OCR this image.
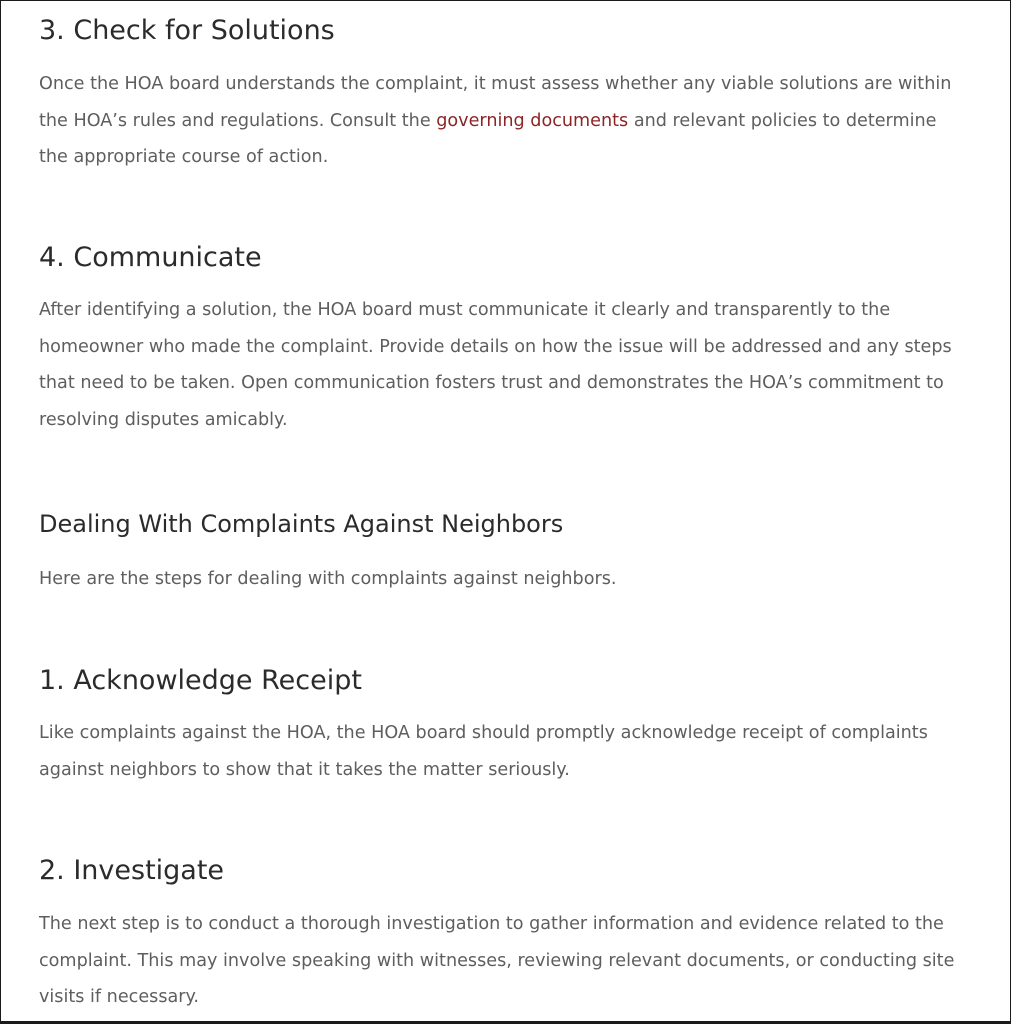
3. Check for Solutions

Once the HOA board understands the complaint, it must assess whether any viable solutions are within
the HOA’s rules and regulations. Consult the governing documents and relevant policies to determine
the appropriate course of action.

4. Communicate

After identifying a solution, the HOA board must communicate it clearly and transparently to the
homeowner who made the complaint. Provide details on how the issue will be addressed and any steps
that need to be taken. Open communication fosters trust and demonstrates the HOA’s commitment to
resolving disputes amicably.

Dealing With Complaints Against Neighbors

Here are the steps for dealing with complaints against neighbors.

1. Acknowledge Receipt

Like complaints against the HOA, the HOA board should promptly acknowledge receipt of complaints
against neighbors to show that it takes the matter seriously.

2. Investigate

The next step is to conduct a thorough investigation to gather information and evidence related to the
complaint. This may involve speaking with witnesses, reviewing relevant documents, or conducting site
visits if necessary.
